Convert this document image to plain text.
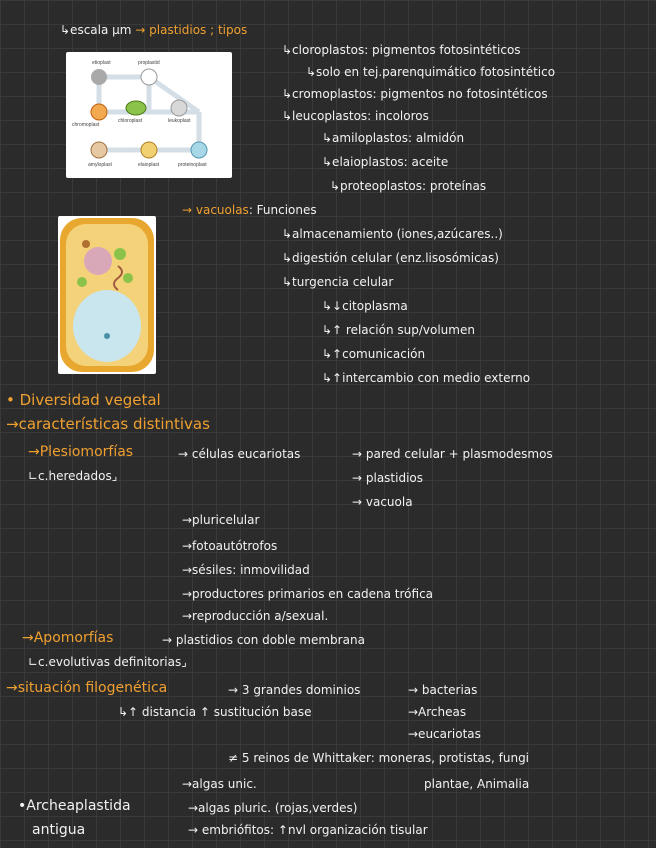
↳escala μm → plastidios ; tipos
↳cloroplastos: pigmentos fotosintéticos
↳solo en tej.parenquimático fotosintético
↳cromoplastos: pigmentos no fotosintéticos
↳leucoplastos: incoloros
↳amiloplastos: almidón
↳elaioplastos: aceite
↳proteoplastos: proteínas
→ vacuolas: Funciones
↳almacenamiento (iones,azúcares..)
↳digestión celular (enz.lisosómicas)
↳turgencia celular
↳↓citoplasma
↳↑ relación sup/volumen
↳↑comunicación
↳↑intercambio con medio externo
etioplast	proplastid
chromoplast
chloroplast	leukoplast
amyloplast	elaioplast	proteinoplast
• Diversidad vegetal
→características distintivas
→Plesiomorfías	→ células eucariotas	→ pared celular + plasmodesmos
∟c.heredados⌟	→ plastidios
→ vacuola
→pluricelular
→fotoautótrofos
→sésiles: inmovilidad
→productores primarios en cadena trófica
→reproducción a/sexual.
→Apomorfías	→ plastidios con doble membrana
∟c.evolutivas definitorias⌟
→situación filogenética	→ 3 grandes dominios	→ bacterias
↳↑ distancia ↑ sustitución base	→Archeas
→eucariotas
≠ 5 reinos de Whittaker: moneras, protistas, fungi
→algas unic.	plantae, Animalia
•Archeaplastida	→algas pluric. (rojas,verdes)
antigua	→ embriófitos: ↑nvl organización tisular
